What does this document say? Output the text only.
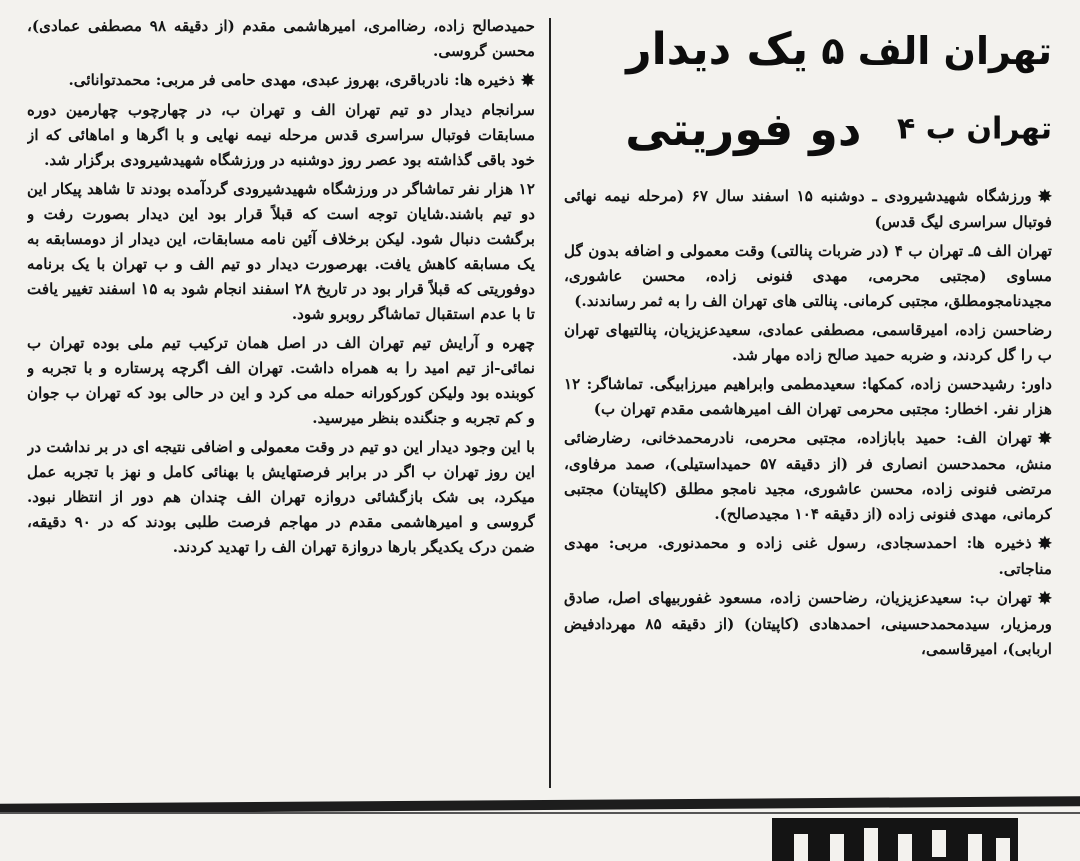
تهران الف ۵ یک دیدار
تهران ب ۴ دو فوریتی

✸ورزشگاه شهیدشیرودی ـ دوشنبه ۱۵ اسفند سال ۶۷ (مرحله نیمه نهائی فوتبال سراسری لیگ قدس)

تهران الف ۵ـ تهران ب ۴ (در ضربات پنالتی) وقت معمولی و اضافه بدون گل مساوی (مجتبی محرمی، مهدی فنونی زاده، محسن عاشوری، مجیدنامجومطلق، مجتبی کرمانی. پنالتی های تهران الف را به ثمر رساندند.)

رضاحسن زاده، امیرقاسمی، مصطفی عمادی، سعیدعزیزیان، پنالتیهای تهران ب را گل کردند، و ضربه حمید صالح زاده مهار شد.

داور: رشیدحسن زاده، کمکها: سعیدمطمی وابراهیم میرزابیگی. تماشاگر: ۱۲ هزار نفر. اخطار: مجتبی محرمی تهران الف امیرهاشمی مقدم تهران ب)

✸تهران الف: حمید بابازاده، مجتبی محرمی، نادرمحمدخانی، رضارضائی منش، محمدحسن انصاری فر (از دقیقه ۵۷ حمیداستیلی)، صمد مرفاوی، مرتضی فنونی زاده، محسن عاشوری، مجید نامجو مطلق (کاپیتان) مجتبی کرمانی، مهدی فنونی زاده (از دقیقه ۱۰۴ مجیدصالح).

✸ذخیره ها: احمدسجادی، رسول غنی زاده و محمدنوری. مربی: مهدی مناجاتی.

✸تهران ب: سعیدعزیزیان، رضاحسن زاده، مسعود غفوربیهای اصل، صادق ورمزیار، سیدمحمدحسینی، احمدهادی (کاپیتان) (از دقیقه ۸۵ مهردادفیض اربابی)، امیرقاسمی،

حمیدصالح زاده، رضاامری، امیرهاشمی مقدم (از دقیقه ۹۸ مصطفی عمادی)، محسن گروسی.

✸ذخیره ها: نادرباقری، بهروز عبدی، مهدی حامی فر مربی: محمدتوانائی.

سرانجام دیدار دو تیم تهران الف و تهران ب، در چهارچوب چهارمین دوره مسابقات فوتبال سراسری قدس مرحله نیمه نهایی و با اگرها و اماهائی که از خود باقی گذاشته بود عصر روز دوشنبه در ورزشگاه شهیدشیرودی برگزار شد.

۱۲ هزار نفر تماشاگر در ورزشگاه شهیدشیرودی گردآمده بودند تا شاهد پیکار این دو تیم باشند.شایان توجه است که قبلاً قرار بود این دیدار بصورت رفت و برگشت دنبال شود. لیکن برخلاف آئین نامه مسابقات، این دیدار از دومسابقه به یک مسابقه کاهش یافت. بهرصورت دیدار دو تیم الف و ب تهران با یک برنامه دوفوریتی که قبلاً قرار بود در تاریخ ۲۸ اسفند انجام شود به ۱۵ اسفند تغییر یافت تا با عدم استقبال تماشاگر روبرو شود.

چهره و آرایش تیم تهران الف در اصل همان ترکیب تیم ملی بوده تهران ب نمائی-از تیم امید را به همراه داشت. تهران الف اگرچه پرستاره و با تجربه و کوبنده بود ولیکن کورکورانه حمله می کرد و این در حالی بود که تهران ب جوان و کم تجربه و جنگنده بنظر میرسید.

با این وجود دیدار این دو تیم در وقت معمولی و اضافی نتیجه ای در بر نداشت در این روز تهران ب اگر در برابر فرصتهایش با بهنائی کامل و نهز با تجربه عمل میکرد، بی شک بازگشائی دروازه تهران الف چندان هم دور از انتظار نبود. گروسی و امیرهاشمی مقدم در مهاجم فرصت طلبی بودند که در ۹۰ دقیقه، ضمن درک یکدیگر بارها دروازة تهران الف را تهدید کردند.
